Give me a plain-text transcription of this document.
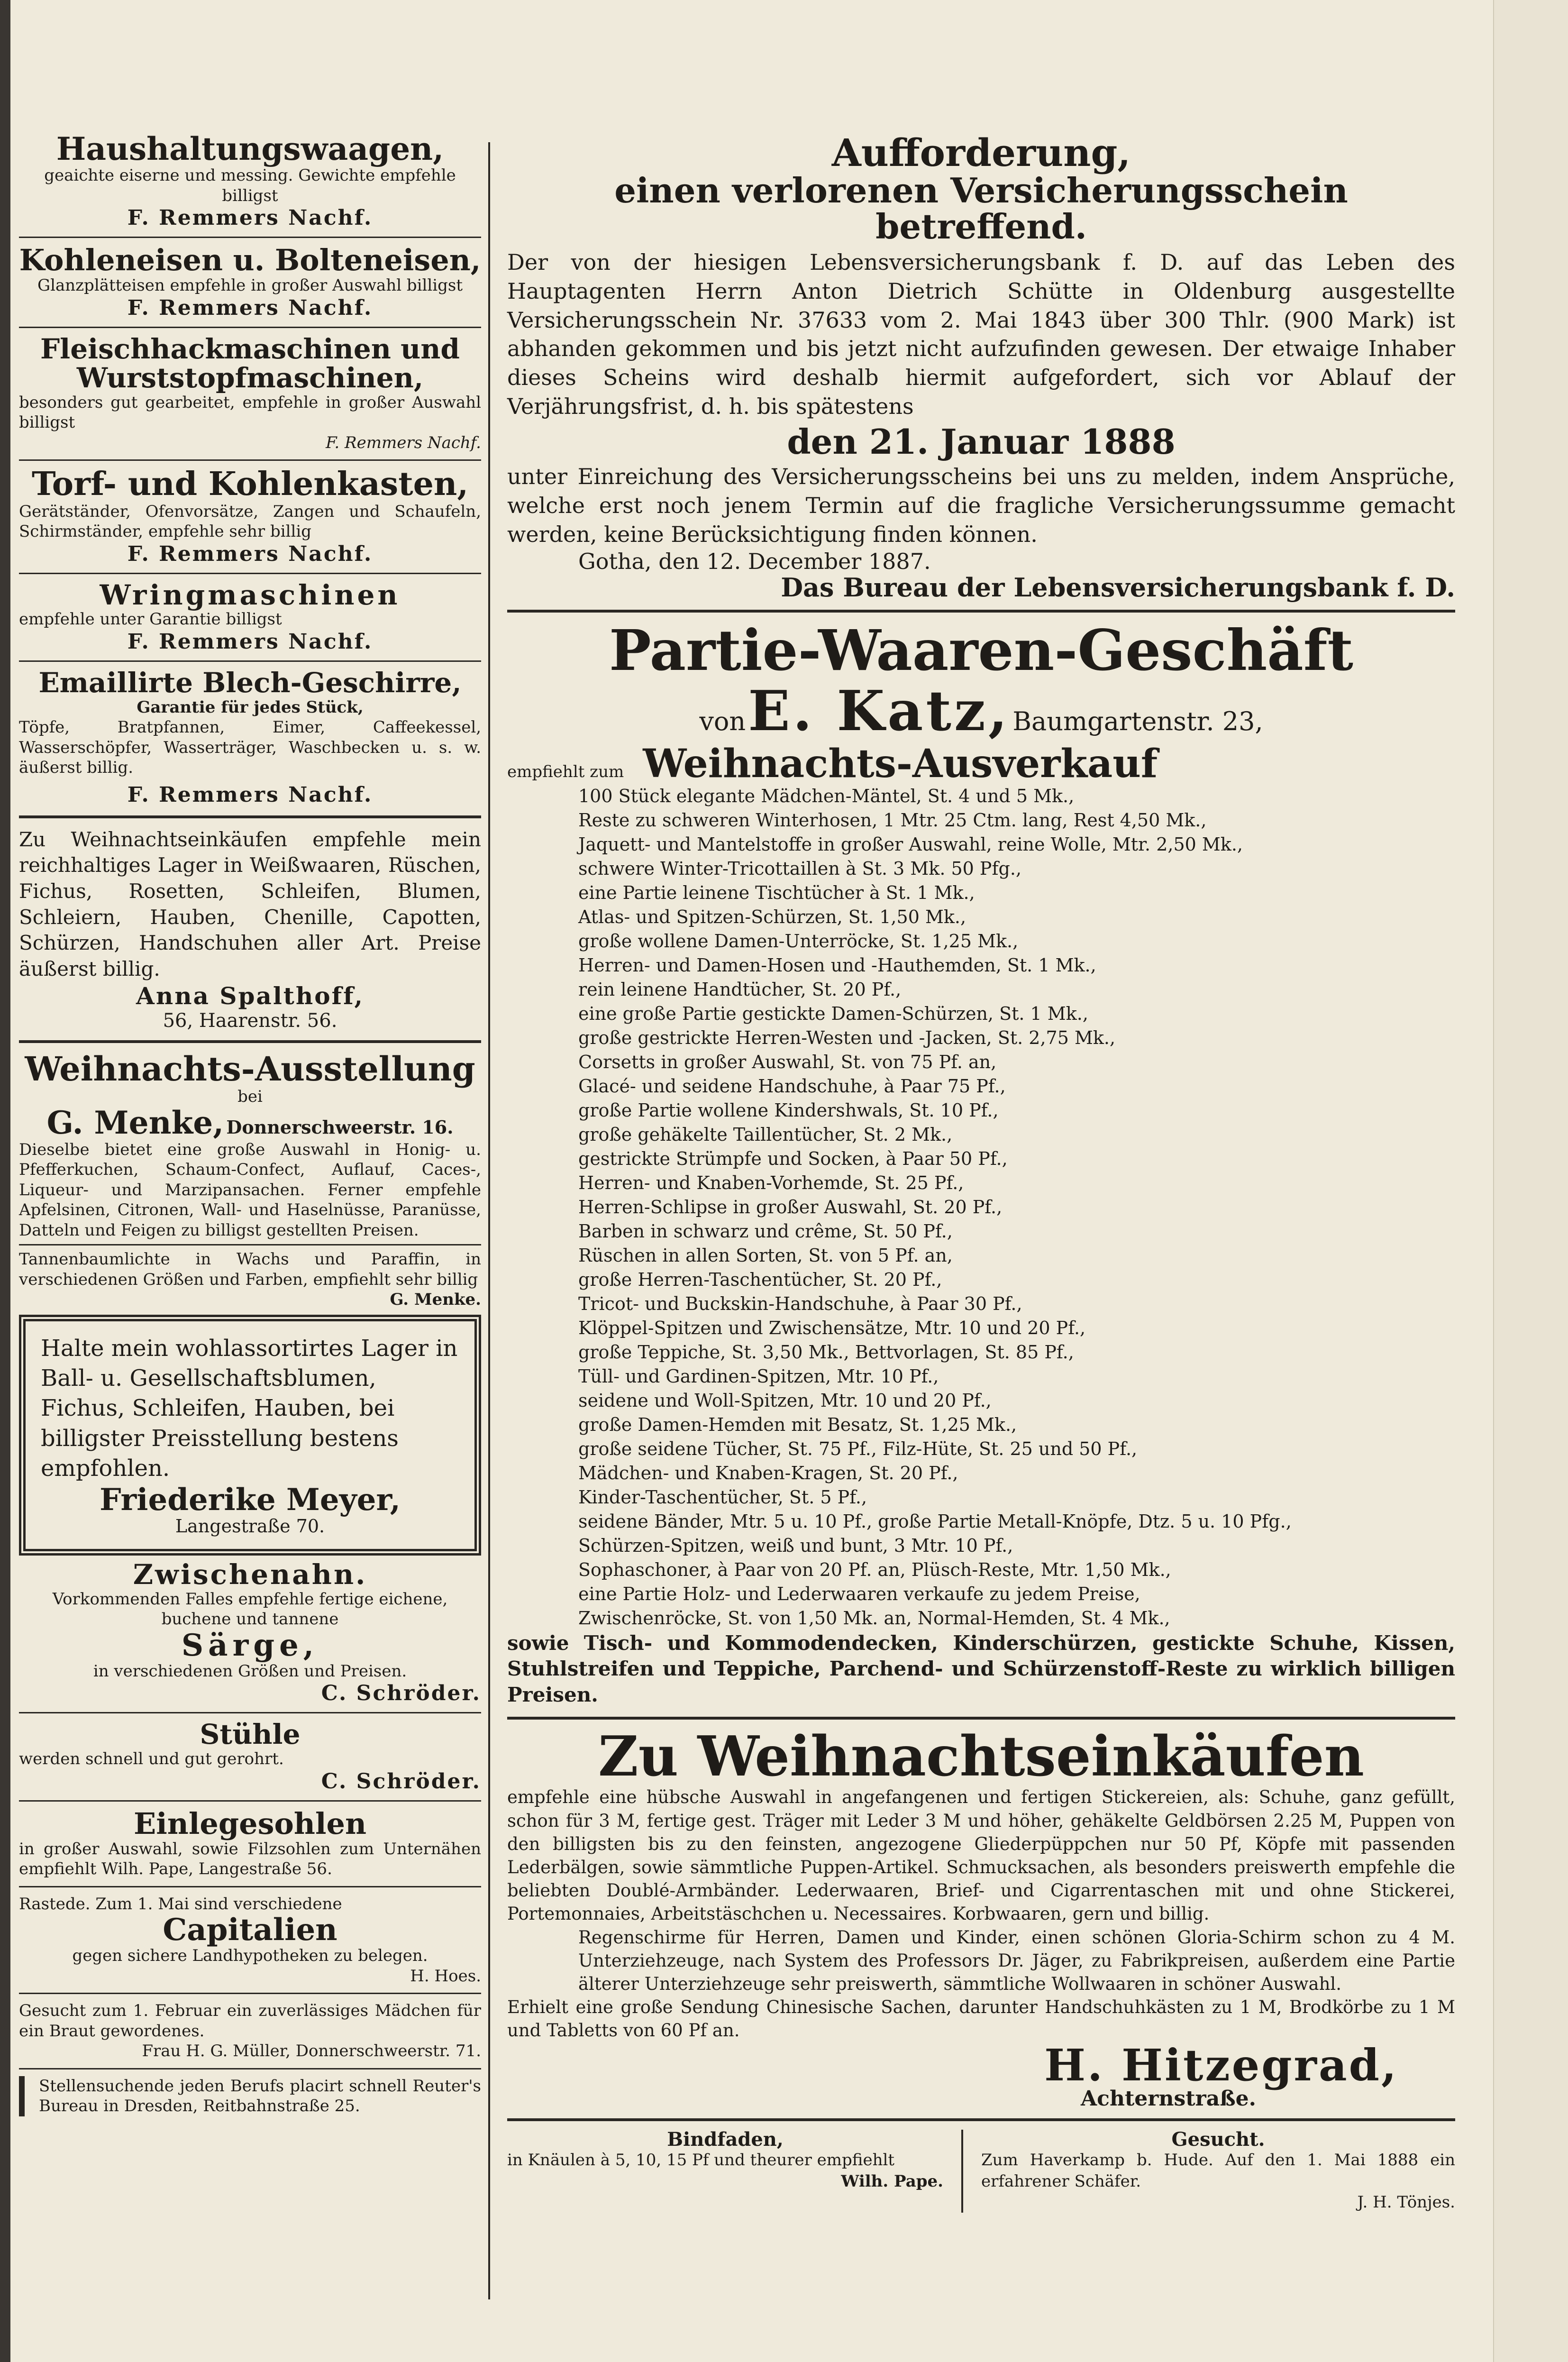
Haushaltungswaagen,
geaichte eiserne und messing. Gewichte empfehle billigst
F. Remmers Nachf.
Kohleneisen u. Bolteneisen,
Glanzplätteisen empfehle in großer Auswahl billigst
F. Remmers Nachf.
Fleischhackmaschinen und
Wurststopfmaschinen,
besonders gut gearbeitet, empfehle in großer Auswahl billigst
F. Remmers Nachf.
Torf- und Kohlenkasten,
Gerätständer, Ofenvorsätze, Zangen und Schaufeln, Schirmständer, empfehle sehr billig
F. Remmers Nachf.
Wringmaschinen
empfehle unter Garantie billigst
F. Remmers Nachf.
Emaillirte Blech-Geschirre,
Garantie für jedes Stück,
Töpfe, Bratpfannen, Eimer, Caffeekessel, Wasserschöpfer, Wasserträger, Waschbecken u. s. w. äußerst billig.
F. Remmers Nachf.
Zu Weihnachtseinkäufen empfehle mein reichhaltiges Lager in Weißwaaren, Rüschen, Fichus, Rosetten, Schleifen, Blumen, Schleiern, Hauben, Chenille, Capotten, Schürzen, Handschuhen aller Art. Preise äußerst billig.
Anna Spalthoff,
56, Haarenstr. 56.
Weihnachts-Ausstellung
bei
G. Menke, Donnerschweerstr. 16.
Dieselbe bietet eine große Auswahl in Honig- u. Pfefferkuchen, Schaum-Confect, Auflauf, Caces-, Liqueur- und Marzipansachen. Ferner empfehle Apfelsinen, Citronen, Wall- und Haselnüsse, Paranüsse, Datteln und Feigen zu billigst gestellten Preisen.
Tannenbaumlichte in Wachs und Paraffin, in verschiedenen Größen und Farben, empfiehlt sehr billig
G. Menke.
Halte mein wohlassortirtes Lager in Ball- u. Gesellschaftsblumen, Fichus, Schleifen, Hauben, bei billigster Preisstellung bestens empfohlen.
Friederike Meyer,
Langestraße 70.
Zwischenahn.
Vorkommenden Falles empfehle fertige eichene, buchene und tannene
Särge,
in verschiedenen Größen und Preisen.
C. Schröder.
Stühle
werden schnell und gut gerohrt.
C. Schröder.
Einlegesohlen
in großer Auswahl, sowie Filzsohlen zum Unternähen empfiehlt Wilh. Pape, Langestraße 56.
Rastede. Zum 1. Mai sind verschiedene
Capitalien
gegen sichere Landhypotheken zu belegen.
H. Hoes.
Gesucht zum 1. Februar ein zuverlässiges Mädchen für ein Braut gewordenes.
Frau H. G. Müller, Donnerschweerstr. 71.
Stellensuchende jeden Berufs placirt schnell Reuter's Bureau in Dresden, Reitbahnstraße 25.
Aufforderung,
einen verlorenen Versicherungsschein betreffend.
Der von der hiesigen Lebensversicherungsbank f. D. auf das Leben des Hauptagenten Herrn Anton Dietrich Schütte in Oldenburg ausgestellte Versicherungsschein Nr. 37633 vom 2. Mai 1843 über 300 Thlr. (900 Mark) ist abhanden gekommen und bis jetzt nicht aufzufinden gewesen. Der etwaige Inhaber dieses Scheins wird deshalb hiermit aufgefordert, sich vor Ablauf der Verjährungsfrist, d. h. bis spätestens
den 21. Januar 1888
unter Einreichung des Versicherungsscheins bei uns zu melden, indem Ansprüche, welche erst noch jenem Termin auf die fragliche Versicherungssumme gemacht werden, keine Berücksichtigung finden können.
Gotha, den 12. December 1887.
Das Bureau der Lebensversicherungsbank f. D.
Partie-Waaren-Geschäft
von E. Katz, Baumgartenstr. 23,
empfiehlt zum Weihnachts-Ausverkauf
100 Stück elegante Mädchen-Mäntel, St. 4 und 5 Mk.,
Reste zu schweren Winterhosen, 1 Mtr. 25 Ctm. lang, Rest 4,50 Mk.,
Jaquett- und Mantelstoffe in großer Auswahl, reine Wolle, Mtr. 2,50 Mk.,
schwere Winter-Tricottaillen à St. 3 Mk. 50 Pfg.,
eine Partie leinene Tischtücher à St. 1 Mk.,
Atlas- und Spitzen-Schürzen, St. 1,50 Mk.,
große wollene Damen-Unterröcke, St. 1,25 Mk.,
Herren- und Damen-Hosen und -Hauthemden, St. 1 Mk.,
rein leinene Handtücher, St. 20 Pf.,
eine große Partie gestickte Damen-Schürzen, St. 1 Mk.,
große gestrickte Herren-Westen und -Jacken, St. 2,75 Mk.,
Corsetts in großer Auswahl, St. von 75 Pf. an,
Glacé- und seidene Handschuhe, à Paar 75 Pf.,
große Partie wollene Kindershwals, St. 10 Pf.,
große gehäkelte Taillentücher, St. 2 Mk.,
gestrickte Strümpfe und Socken, à Paar 50 Pf.,
Herren- und Knaben-Vorhemde, St. 25 Pf.,
Herren-Schlipse in großer Auswahl, St. 20 Pf.,
Barben in schwarz und crême, St. 50 Pf.,
Rüschen in allen Sorten, St. von 5 Pf. an,
große Herren-Taschentücher, St. 20 Pf.,
Tricot- und Buckskin-Handschuhe, à Paar 30 Pf.,
Klöppel-Spitzen und Zwischensätze, Mtr. 10 und 20 Pf.,
große Teppiche, St. 3,50 Mk., Bettvorlagen, St. 85 Pf.,
Tüll- und Gardinen-Spitzen, Mtr. 10 Pf.,
seidene und Woll-Spitzen, Mtr. 10 und 20 Pf.,
große Damen-Hemden mit Besatz, St. 1,25 Mk.,
große seidene Tücher, St. 75 Pf., Filz-Hüte, St. 25 und 50 Pf.,
Mädchen- und Knaben-Kragen, St. 20 Pf.,
Kinder-Taschentücher, St. 5 Pf.,
seidene Bänder, Mtr. 5 u. 10 Pf., große Partie Metall-Knöpfe, Dtz. 5 u. 10 Pfg.,
Schürzen-Spitzen, weiß und bunt, 3 Mtr. 10 Pf.,
Sophaschoner, à Paar von 20 Pf. an, Plüsch-Reste, Mtr. 1,50 Mk.,
eine Partie Holz- und Lederwaaren verkaufe zu jedem Preise,
Zwischenröcke, St. von 1,50 Mk. an, Normal-Hemden, St. 4 Mk.,
sowie Tisch- und Kommodendecken, Kinderschürzen, gestickte Schuhe, Kissen, Stuhlstreifen und Teppiche, Parchend- und Schürzenstoff-Reste zu wirklich billigen Preisen.
Zu Weihnachtseinkäufen
empfehle eine hübsche Auswahl in angefangenen und fertigen Stickereien, als: Schuhe, ganz gefüllt, schon für 3 M, fertige gest. Träger mit Leder 3 M und höher, gehäkelte Geldbörsen 2.25 M, Puppen von den billigsten bis zu den feinsten, angezogene Gliederpüppchen nur 50 Pf, Köpfe mit passenden Lederbälgen, sowie sämmtliche Puppen-Artikel. Schmucksachen, als besonders preiswerth empfehle die beliebten Doublé-Armbänder. Lederwaaren, Brief- und Cigarrentaschen mit und ohne Stickerei, Portemonnaies, Arbeitstäschchen u. Necessaires. Korbwaaren, gern und billig.
Regenschirme für Herren, Damen und Kinder, einen schönen Gloria-Schirm schon zu 4 M. Unterziehzeuge, nach System des Professors Dr. Jäger, zu Fabrikpreisen, außerdem eine Partie älterer Unterziehzeuge sehr preiswerth, sämmtliche Wollwaaren in schöner Auswahl.
Erhielt eine große Sendung Chinesische Sachen, darunter Handschuhkästen zu 1 M, Brodkörbe zu 1 M und Tabletts von 60 Pf an.
H. Hitzegrad,
Achternstraße.
Bindfaden,
in Knäulen à 5, 10, 15 Pf und theurer empfiehlt
Wilh. Pape.
Gesucht.
Zum Haverkamp b. Hude. Auf den 1. Mai 1888 ein erfahrener Schäfer.
J. H. Tönjes.
